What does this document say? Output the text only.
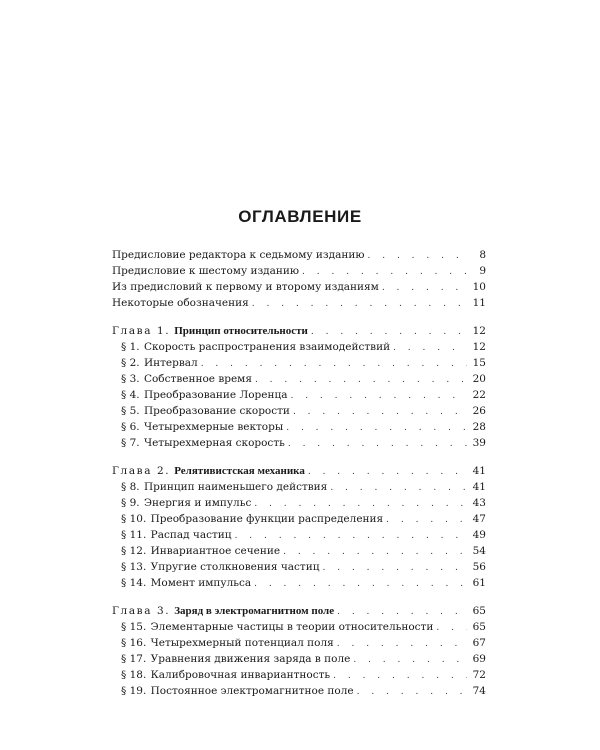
ОГЛАВЛЕНИЕ
Предисловие редактора к седьмому изданию . . .	8
Предисловие к шестому изданию . . .	9
Из предисловий к первому и второму изданиям . . .	10
Некоторые обозначения . . .	11
Глава 1. Принцип относительности . . .	12
§ 1. Скорость распространения взаимодействий . . .	12
§ 2. Интервал . . .	15
§ 3. Собственное время . . .	20
§ 4. Преобразование Лоренца . . .	22
§ 5. Преобразование скорости . . .	26
§ 6. Четырехмерные векторы . . .	28
§ 7. Четырехмерная скорость . . .	39
Глава 2. Релятивистская механика . . .	41
§ 8. Принцип наименьшего действия . . .	41
§ 9. Энергия и импульс . . .	43
§ 10. Преобразование функции распределения . . .	47
§ 11. Распад частиц . . .	49
§ 12. Инвариантное сечение . . .	54
§ 13. Упругие столкновения частиц . . .	56
§ 14. Момент импульса . . .	61
Глава 3. Заряд в электромагнитном поле . . .	65
§ 15. Элементарные частицы в теории относительности . . .	65
§ 16. Четырехмерный потенциал поля . . .	67
§ 17. Уравнения движения заряда в поле . . .	69
§ 18. Калибровочная инвариантность . . .	72
§ 19. Постоянное электромагнитное поле . . .	74
